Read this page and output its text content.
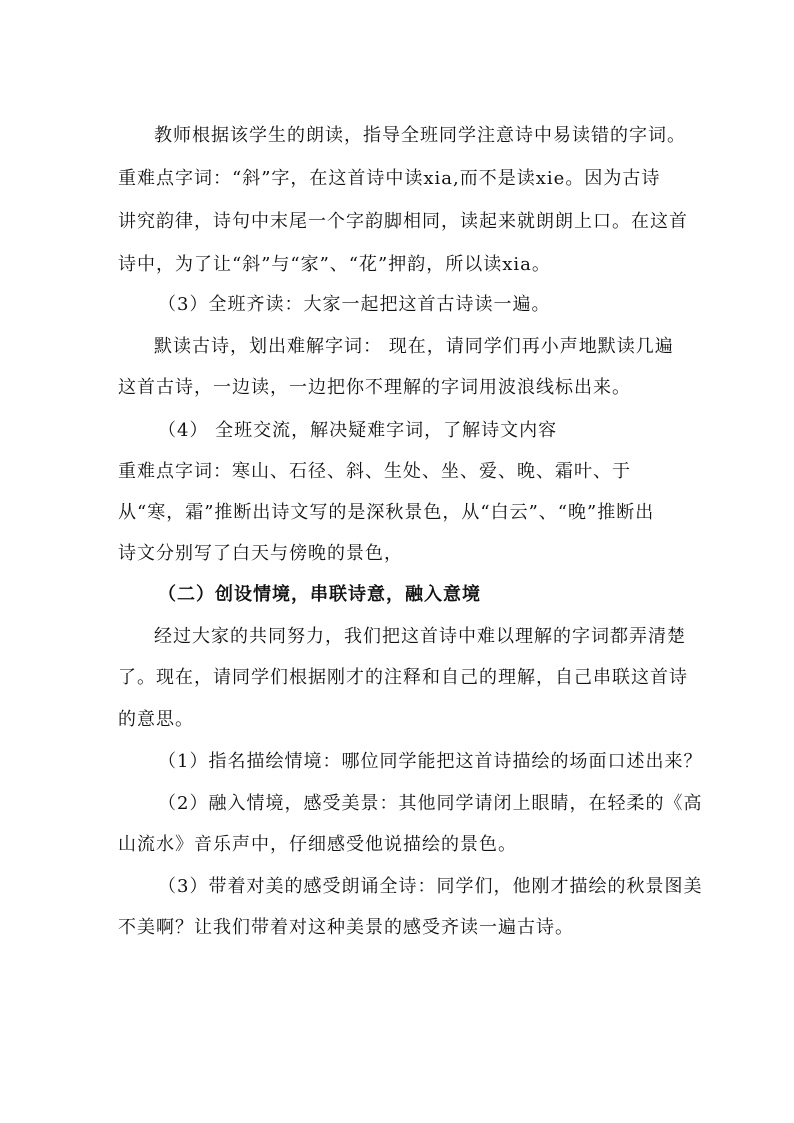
教师根据该学生的朗读，指导全班同学注意诗中易读错的字词。
重难点字词：“斜”字，在这首诗中读xia,而不是读xie。因为古诗
讲究韵律，诗句中末尾一个字韵脚相同，读起来就朗朗上口。在这首
诗中，为了让“斜”与“家”、“花”押韵，所以读xia。
（3）全班齐读：大家一起把这首古诗读一遍。
默读古诗，划出难解字词： 现在，请同学们再小声地默读几遍
这首古诗，一边读，一边把你不理解的字词用波浪线标出来。
（4） 全班交流，解决疑难字词，了解诗文内容
重难点字词：寒山、石径、斜、生处、坐、爱、晚、霜叶、于
从“寒，霜”推断出诗文写的是深秋景色，从“白云”、“晚”推断出
诗文分别写了白天与傍晚的景色，
（二）创设情境，串联诗意，融入意境
经过大家的共同努力，我们把这首诗中难以理解的字词都弄清楚
了。现在，请同学们根据刚才的注释和自己的理解，自己串联这首诗
的意思。
（1）指名描绘情境：哪位同学能把这首诗描绘的场面口述出来？
（2）融入情境，感受美景：其他同学请闭上眼睛，在轻柔的《高
山流水》音乐声中，仔细感受他说描绘的景色。
（3）带着对美的感受朗诵全诗：同学们，他刚才描绘的秋景图美
不美啊？让我们带着对这种美景的感受齐读一遍古诗。
